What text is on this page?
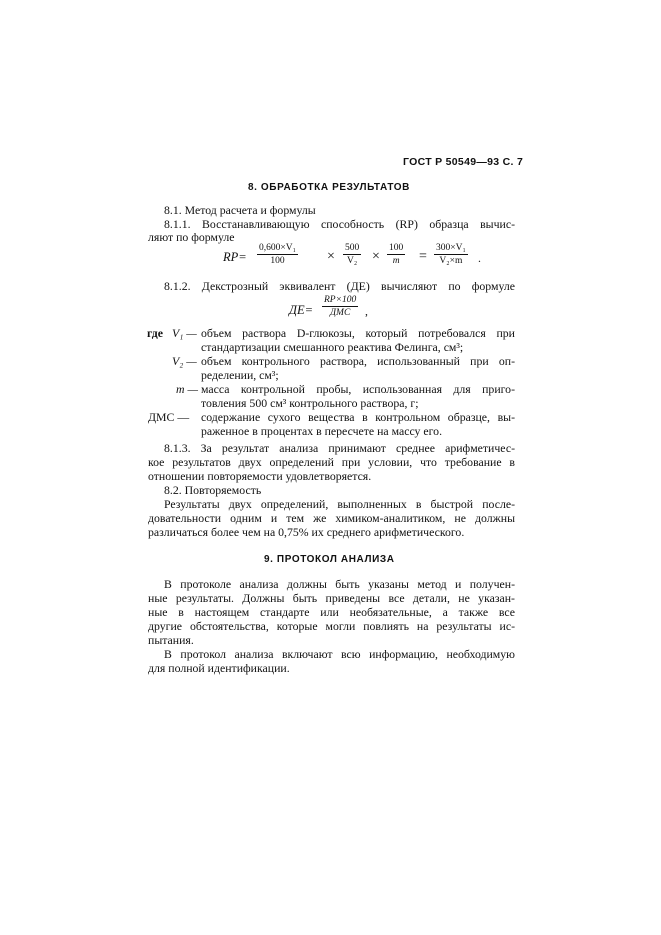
ГОСТ Р 50549—93 С. 7
8. ОБРАБОТКА РЕЗУЛЬТАТОВ
8.1. Метод расчета и формулы
8.1.1. Восстанавливающую способность (RP) образца вычис-
ляют по формуле
$RP= \frac{\text{0,600×V₁}}{100} \times \frac{500}{\text{V₂}} \times \frac{100}{m} = \frac{\text{300×V₁}}{\text{V₂×m}}$ .
8.1.2. Декстрозный эквивалент (ДЕ) вычисляют по формуле
ДЕ=
RP×100
ДМС	,
где V₁ — объем раствора D-глюкозы, который потребовался при
стандартизации смешанного реактива Фелинга, см³;
V₂ — объем контрольного раствора, использованный при оп-
ределении, см³;
m — масса контрольной пробы, использованная для приго-
товления 500 см³ контрольного раствора, г;
ДМС — содержание сухого вещества в контрольном образце, вы-
раженное в процентах в пересчете на массу его.
8.1.3. За результат анализа принимают среднее арифметичес-
кое результатов двух определений при условии, что требование в
отношении повторяемости удовлетворяется.
8.2. Повторяемость
Результаты двух определений, выполненных в быстрой после-
довательности одним и тем же химиком-аналитиком, не должны
различаться более чем на 0,75% их среднего арифметического.
9. ПРОТОКОЛ АНАЛИЗА
В протоколе анализа должны быть указаны метод и получен-
ные результаты. Должны быть приведены все детали, не указан-
ные в настоящем стандарте или необязательные, а также все
другие обстоятельства, которые могли повлиять на результаты ис-
пытания.
В протокол анализа включают всю информацию, необходимую
для полной идентификации.
